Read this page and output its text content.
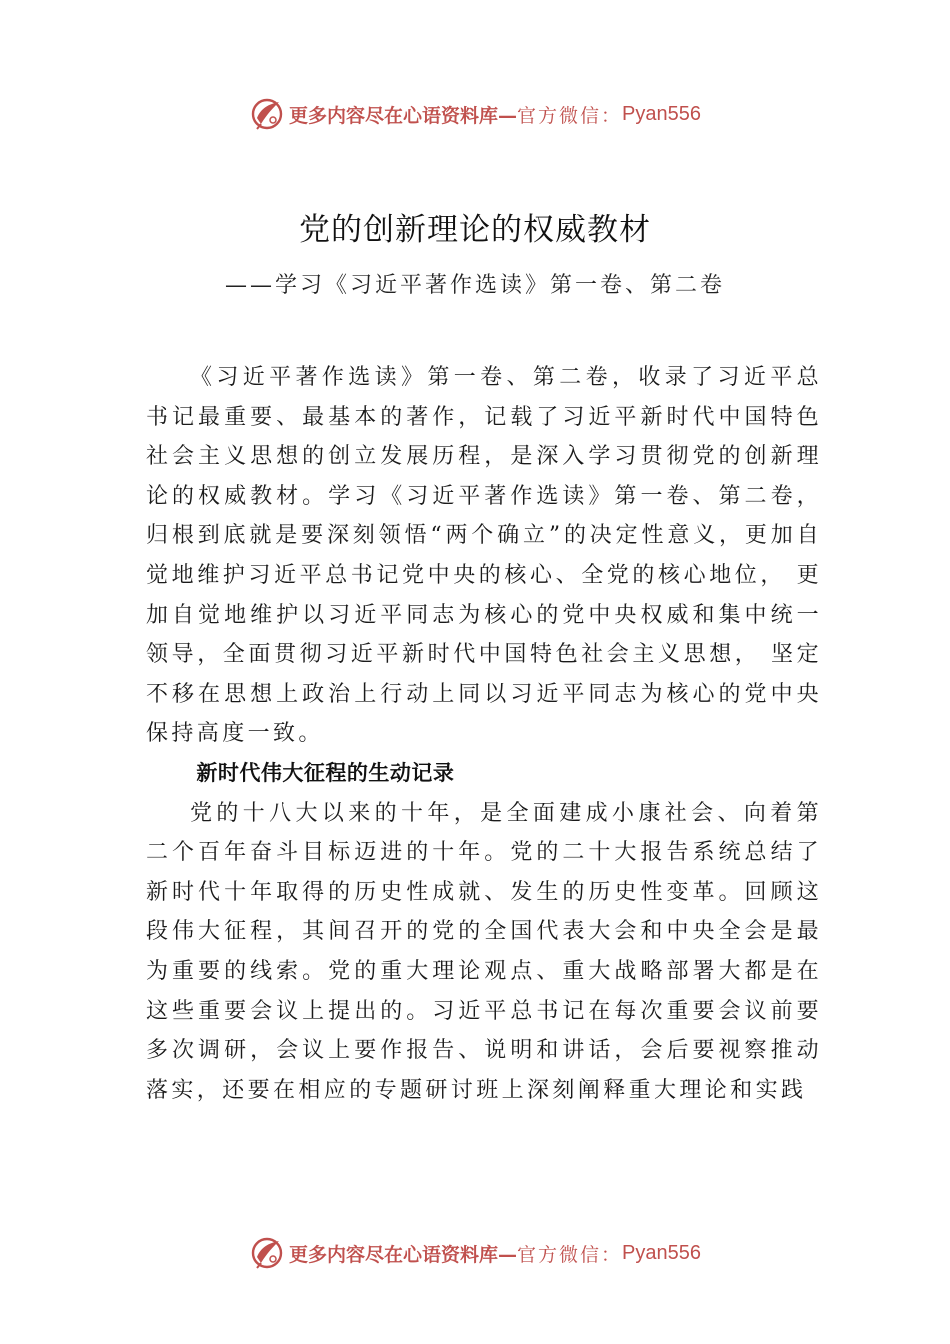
更多内容尽在心语资料库— 官方微信： Pyan556
党的创新理论的权威教材
——学习《习近平著作选读》第一卷、第二卷

《习近平著作选读》第一卷、第二卷，收录了习近平总书记最重要、最基本的著作，记载了习近平新时代中国特色社会主义思想的创立发展历程，是深入学习贯彻党的创新理论的权威教材。学习《习近平著作选读》第一卷、第二卷， 归根到底就是要深刻领悟“两个确立”的决定性意义，更加自觉地维护习近平总书记党中央的核心、全党的核心地位， 更加自觉地维护以习近平同志为核心的党中央权威和集中统一领导，全面贯彻习近平新时代中国特色社会主义思想， 坚定不移在思想上政治上行动上同以习近平同志为核心的党中央保持高度一致。

新时代伟大征程的生动记录

党的十八大以来的十年，是全面建成小康社会、向着第二个百年奋斗目标迈进的十年。党的二十大报告系统总结了新时代十年取得的历史性成就、发生的历史性变革。回顾这段伟大征程，其间召开的党的全国代表大会和中央全会是最为重要的线索。党的重大理论观点、重大战略部署大都是在这些重要会议上提出的。习近平总书记在每次重要会议前要多次调研，会议上要作报告、说明和讲话，会后要视察推动落实，还要在相应的专题研讨班上深刻阐释重大理论和实践

更多内容尽在心语资料库— 官方微信： Pyan556
